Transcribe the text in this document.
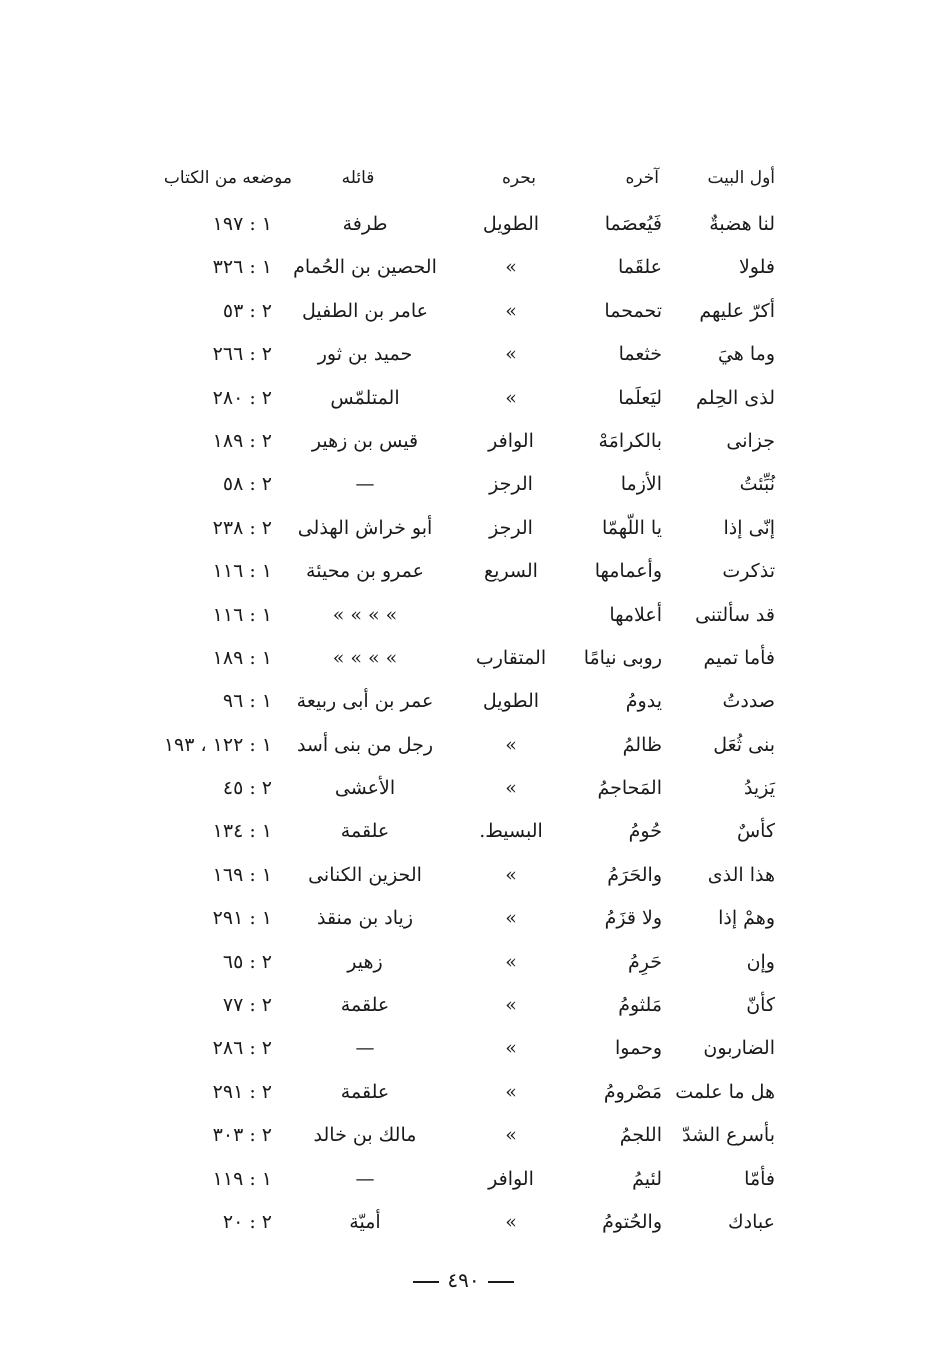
أول البيت
آخره
بحره
قائله
موضعه من الكتاب
لنا هضبةٌ
فَيُعصَما
الطويل
طرفة
١ : ١٩٧
فلولا
علقَما
»
الحصين بن الحُمام
١ : ٣٢٦
أكرّ عليهم
تحمحما
»
عامر بن الطفيل
٢ : ٥٣
وما هيَ
خثعما
»
حميد بن ثور
٢ : ٢٦٦
لذى الحِلم
ليَعلَما
»
المتلمّس
٢ : ٢٨٠
جزانى
بالكرامَهْ
الوافر
قيس بن زهير
٢ : ١٨٩
نُبِّئتُ
الأزما
الرجز
—
٢ : ٥٨
إنّى إذا
يا اللّهمّا
الرجز
أبو خراش الهذلى
٢ : ٢٣٨
تذكرت
وأعمامها
السريع
عمرو بن محيئة
١ : ١١٦
قد سألتنى
أعلامها
» » » »
١ : ١١٦
فأما تميم
روبى نيامًا
المتقارب
» » » »
١ : ١٨٩
صددتُ
يدومُ
الطويل
عمر بن أبى ربيعة
١ : ٩٦
بنى ثُعَل
ظالمُ
»
رجل من بنى أسد
١ : ١٢٢ ، ١٩٣
يَزيدُ
المَحاجمُ
»
الأعشى
٢ : ٤٥
كأسٌ
حُومُ
البسيط.
علقمة
١ : ١٣٤
هذا الذى
والحَرَمُ
»
الحزين الكنانى
١ : ١٦٩
وهمْ إذا
ولا قزَمُ
»
زياد بن منقذ
١ : ٢٩١
وإن
حَرِمُ
»
زهير
٢ : ٦٥
كأنّ
مَلثومُ
»
علقمة
٢ : ٧٧
الضاربون
وحموا
»
—
٢ : ٢٨٦
هل ما علمت
مَصْرومُ
»
علقمة
٢ : ٢٩١
بأسرع الشدّ
اللجمُ
»
مالك بن خالد
٢ : ٣٠٣
فأمّا
لئيمُ
الوافر
—
١ : ١١٩
عبادك
والحُتومُ
»
أميّة
٢ : ٢٠
٤٩٠
